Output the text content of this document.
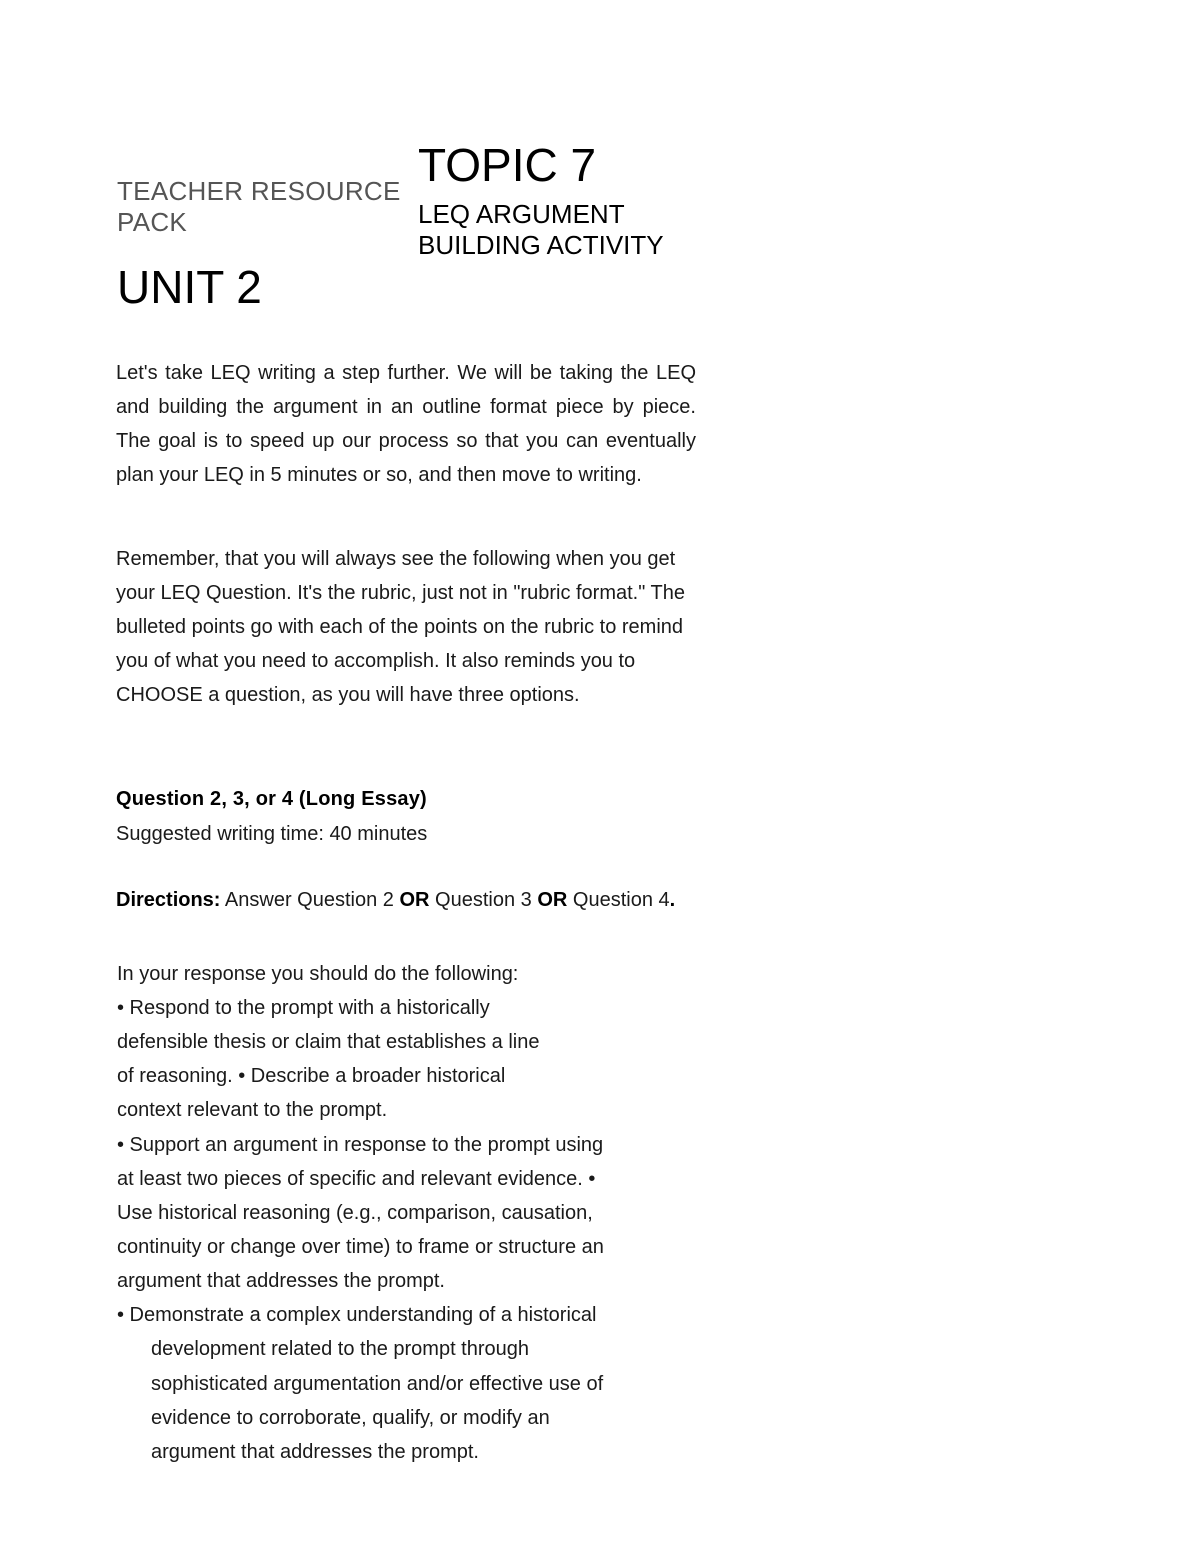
TEACHER RESOURCE PACK
UNIT 2
TOPIC 7
LEQ ARGUMENT BUILDING ACTIVITY
Let's take LEQ writing a step further. We will be taking the LEQ and building the argument in an outline format piece by piece. The goal is to speed up our process so that you can eventually plan your LEQ in 5 minutes or so, and then move to writing.
Remember, that you will always see the following when you get your LEQ Question. It's the rubric, just not in "rubric format." The bulleted points go with each of the points on the rubric to remind you of what you need to accomplish. It also reminds you to CHOOSE a question, as you will have three options.
Question 2, 3, or 4 (Long Essay)
Suggested writing time: 40 minutes
Directions: Answer Question 2 OR Question 3 OR Question 4.
In your response you should do the following:
• Respond to the prompt with a historically
defensible thesis or claim that establishes a line
of reasoning. • Describe a broader historical
context relevant to the prompt.
• Support an argument in response to the prompt using
at least two pieces of specific and relevant evidence. •
Use historical reasoning (e.g., comparison, causation,
continuity or change over time) to frame or structure an
argument that addresses the prompt.
• Demonstrate a complex understanding of a historical
development related to the prompt through
sophisticated argumentation and/or effective use of
evidence to corroborate, qualify, or modify an
argument that addresses the prompt.
